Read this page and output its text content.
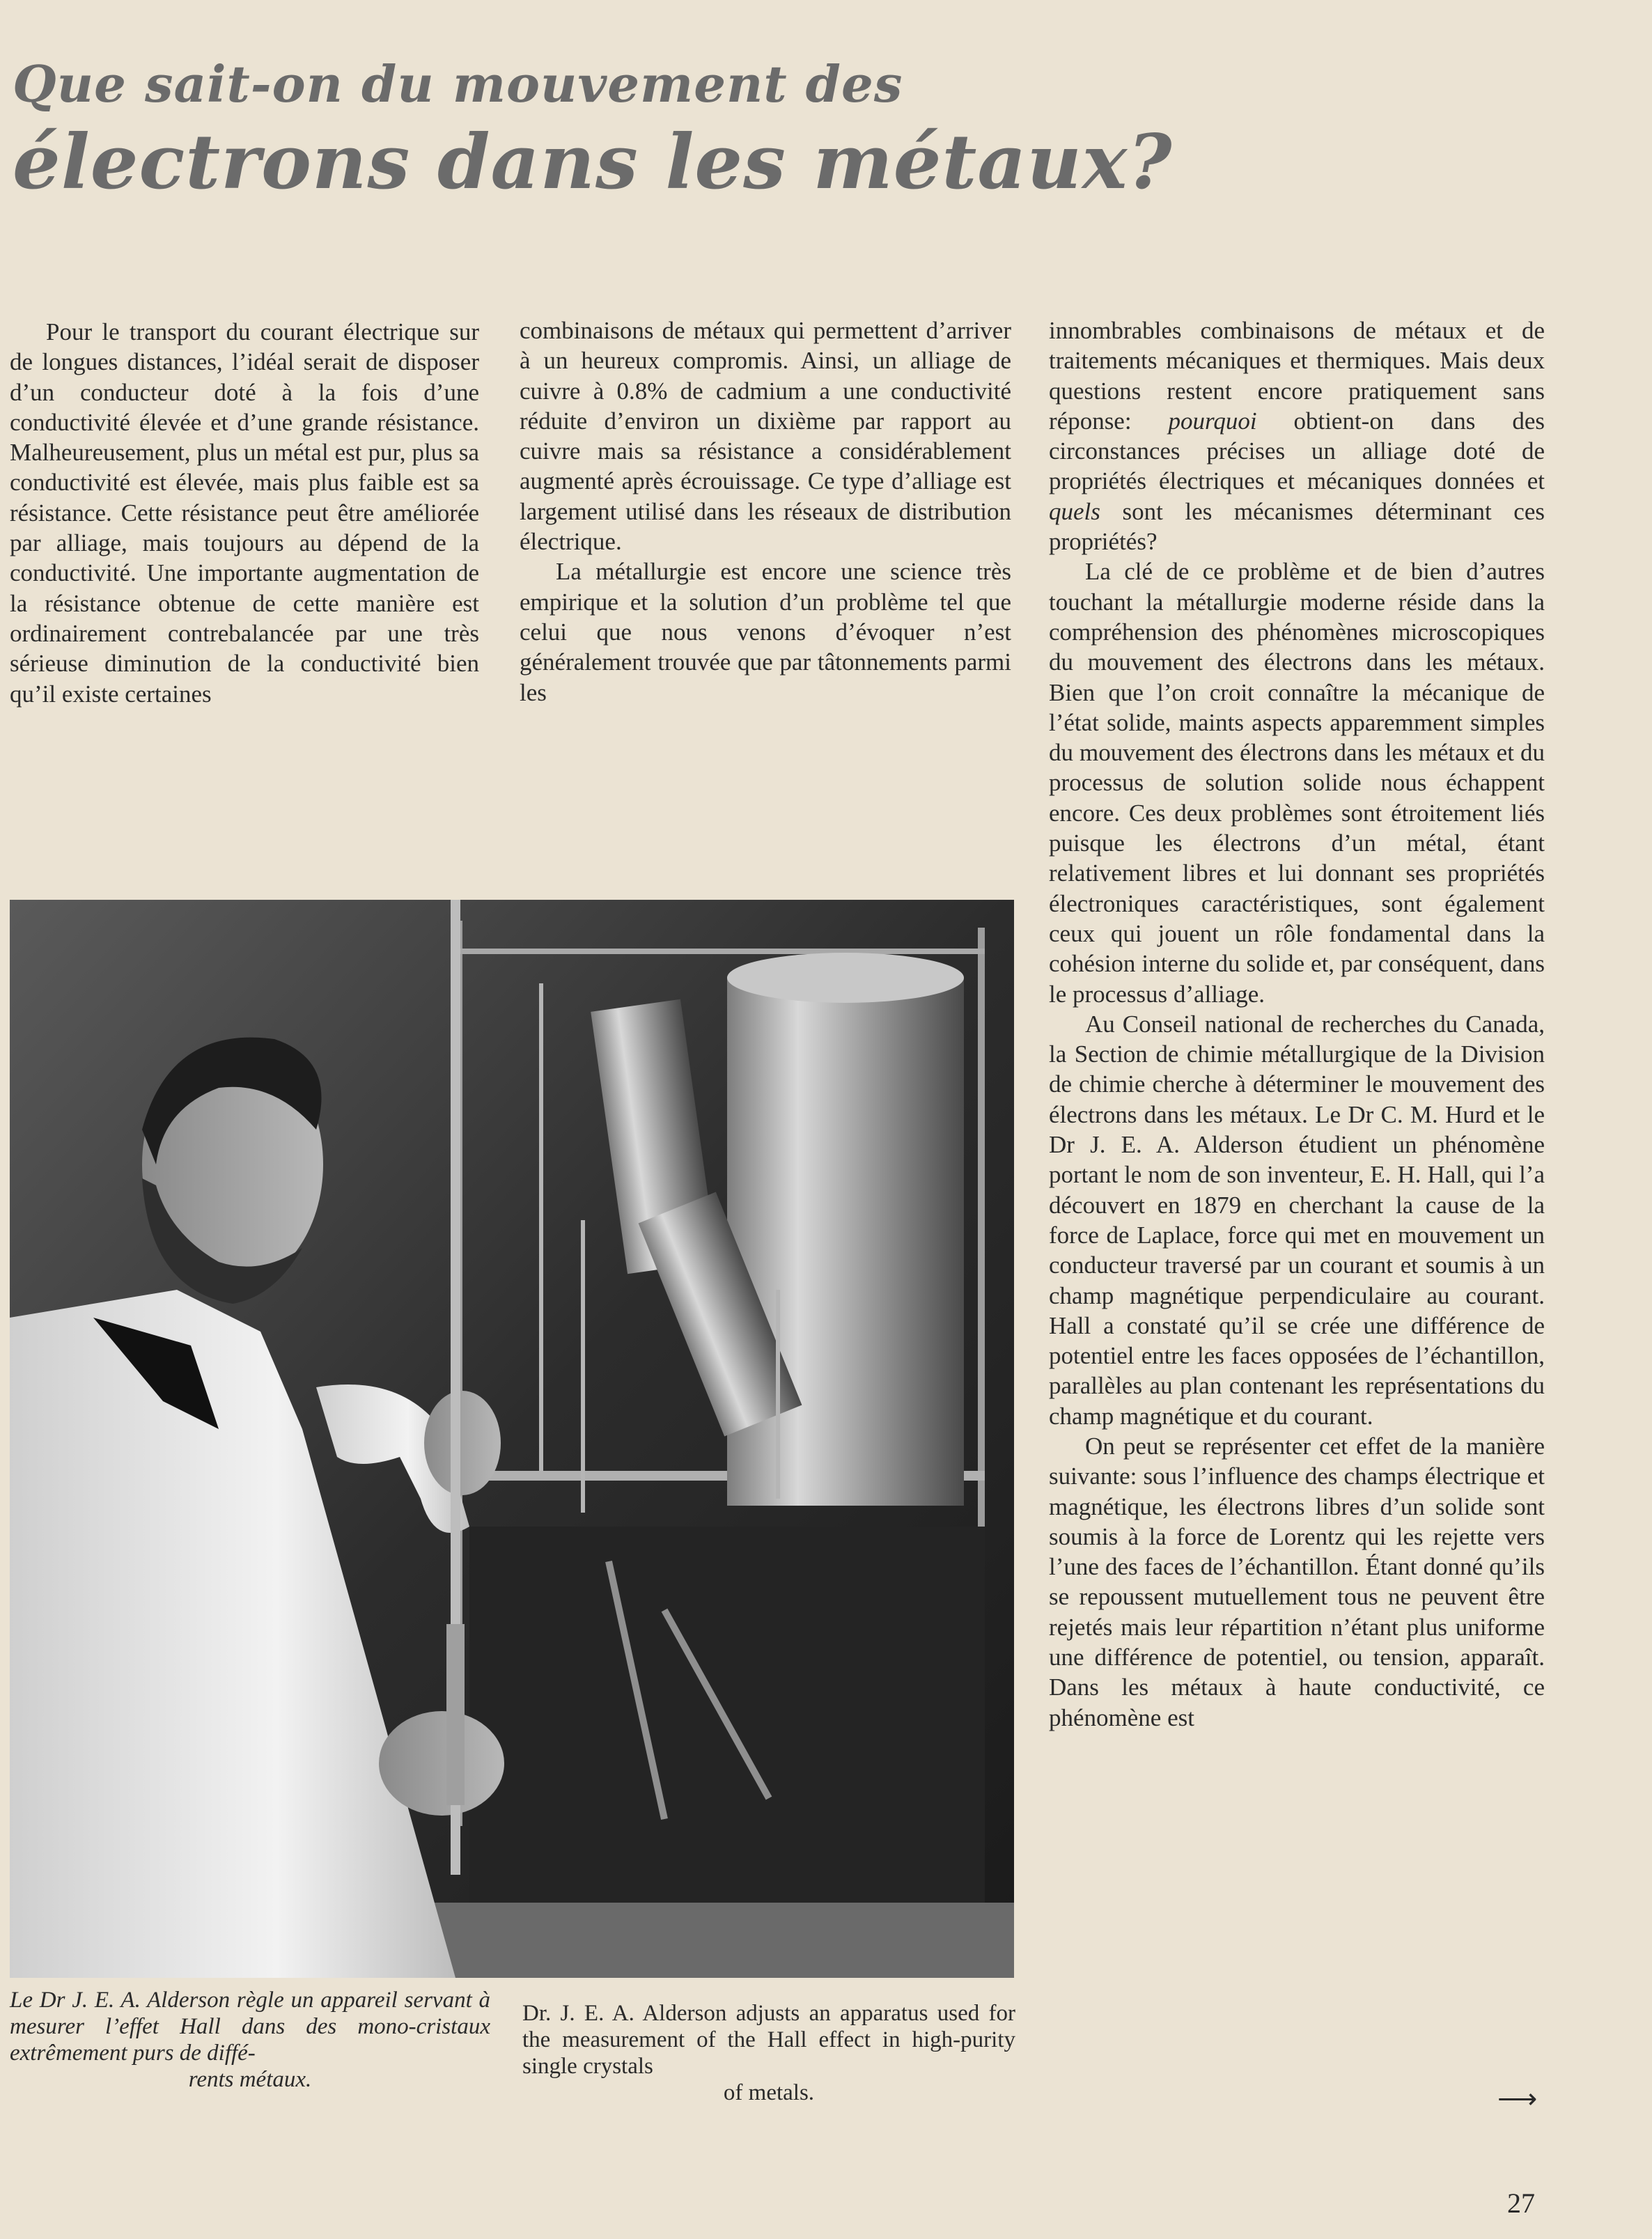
Que sait-on du mouvement des
électrons dans les métaux?

Pour le transport du courant électrique sur de longues distances, l’idéal serait de disposer d’un conducteur doté à la fois d’une conductivité élevée et d’une grande résistance. Malheureusement, plus un métal est pur, plus sa conductivité est élevée, mais plus faible est sa résistance. Cette résistance peut être améliorée par alliage, mais toujours au dépend de la conductivité. Une importante augmentation de la résistance obtenue de cette manière est ordinairement contrebalancée par une très sérieuse diminution de la conductivité bien qu’il existe certaines

combinaisons de métaux qui permettent d’arriver à un heureux compromis. Ainsi, un alliage de cuivre à 0.8% de cadmium a une conductivité réduite d’environ un dixième par rapport au cuivre mais sa résistance a considérablement augmenté après écrouissage. Ce type d’alliage est largement utilisé dans les réseaux de distribution électrique.

La métallurgie est encore une science très empirique et la solution d’un problème tel que celui que nous venons d’évoquer n’est généralement trouvée que par tâtonnements parmi les

innombrables combinaisons de métaux et de traitements mécaniques et thermiques. Mais deux questions restent encore pratiquement sans réponse: pourquoi obtient-on dans des circonstances précises un alliage doté de propriétés électriques et mécaniques données et quels sont les mécanismes déterminant ces propriétés?

La clé de ce problème et de bien d’autres touchant la métallurgie moderne réside dans la compréhension des phénomènes microscopiques du mouvement des électrons dans les métaux. Bien que l’on croit connaître la mécanique de l’état solide, maints aspects apparemment simples du mouvement des électrons dans les métaux et du processus de solution solide nous échappent encore. Ces deux problèmes sont étroitement liés puisque les électrons d’un métal, étant relativement libres et lui donnant ses propriétés électroniques caractéristiques, sont également ceux qui jouent un rôle fondamental dans la cohésion interne du solide et, par conséquent, dans le processus d’alliage.

Au Conseil national de recherches du Canada, la Section de chimie métallurgique de la Division de chimie cherche à déterminer le mouvement des électrons dans les métaux. Le Dr C. M. Hurd et le Dr J. E. A. Alderson étudient un phénomène portant le nom de son inventeur, E. H. Hall, qui l’a découvert en 1879 en cherchant la cause de la force de Laplace, force qui met en mouvement un conducteur traversé par un courant et soumis à un champ magnétique perpendiculaire au courant. Hall a constaté qu’il se crée une différence de potentiel entre les faces opposées de l’échantillon, parallèles au plan contenant les représentations du champ magnétique et du courant.

On peut se représenter cet effet de la manière suivante: sous l’influence des champs électrique et magnétique, les électrons libres d’un solide sont soumis à la force de Lorentz qui les rejette vers l’une des faces de l’échantillon. Étant donné qu’ils se repoussent mutuellement tous ne peuvent être rejetés mais leur répartition n’étant plus uniforme une différence de potentiel, ou tension, apparaît. Dans les métaux à haute conductivité, ce phénomène est

Le Dr J. E. A. Alderson règle un appareil servant à mesurer l’effet Hall dans des mono-cristaux extrêmement purs de diffé-
rents métaux.
Dr. J. E. A. Alderson adjusts an apparatus used for the measurement of the Hall effect in high-purity single crystals
of metals.	⟶
27
